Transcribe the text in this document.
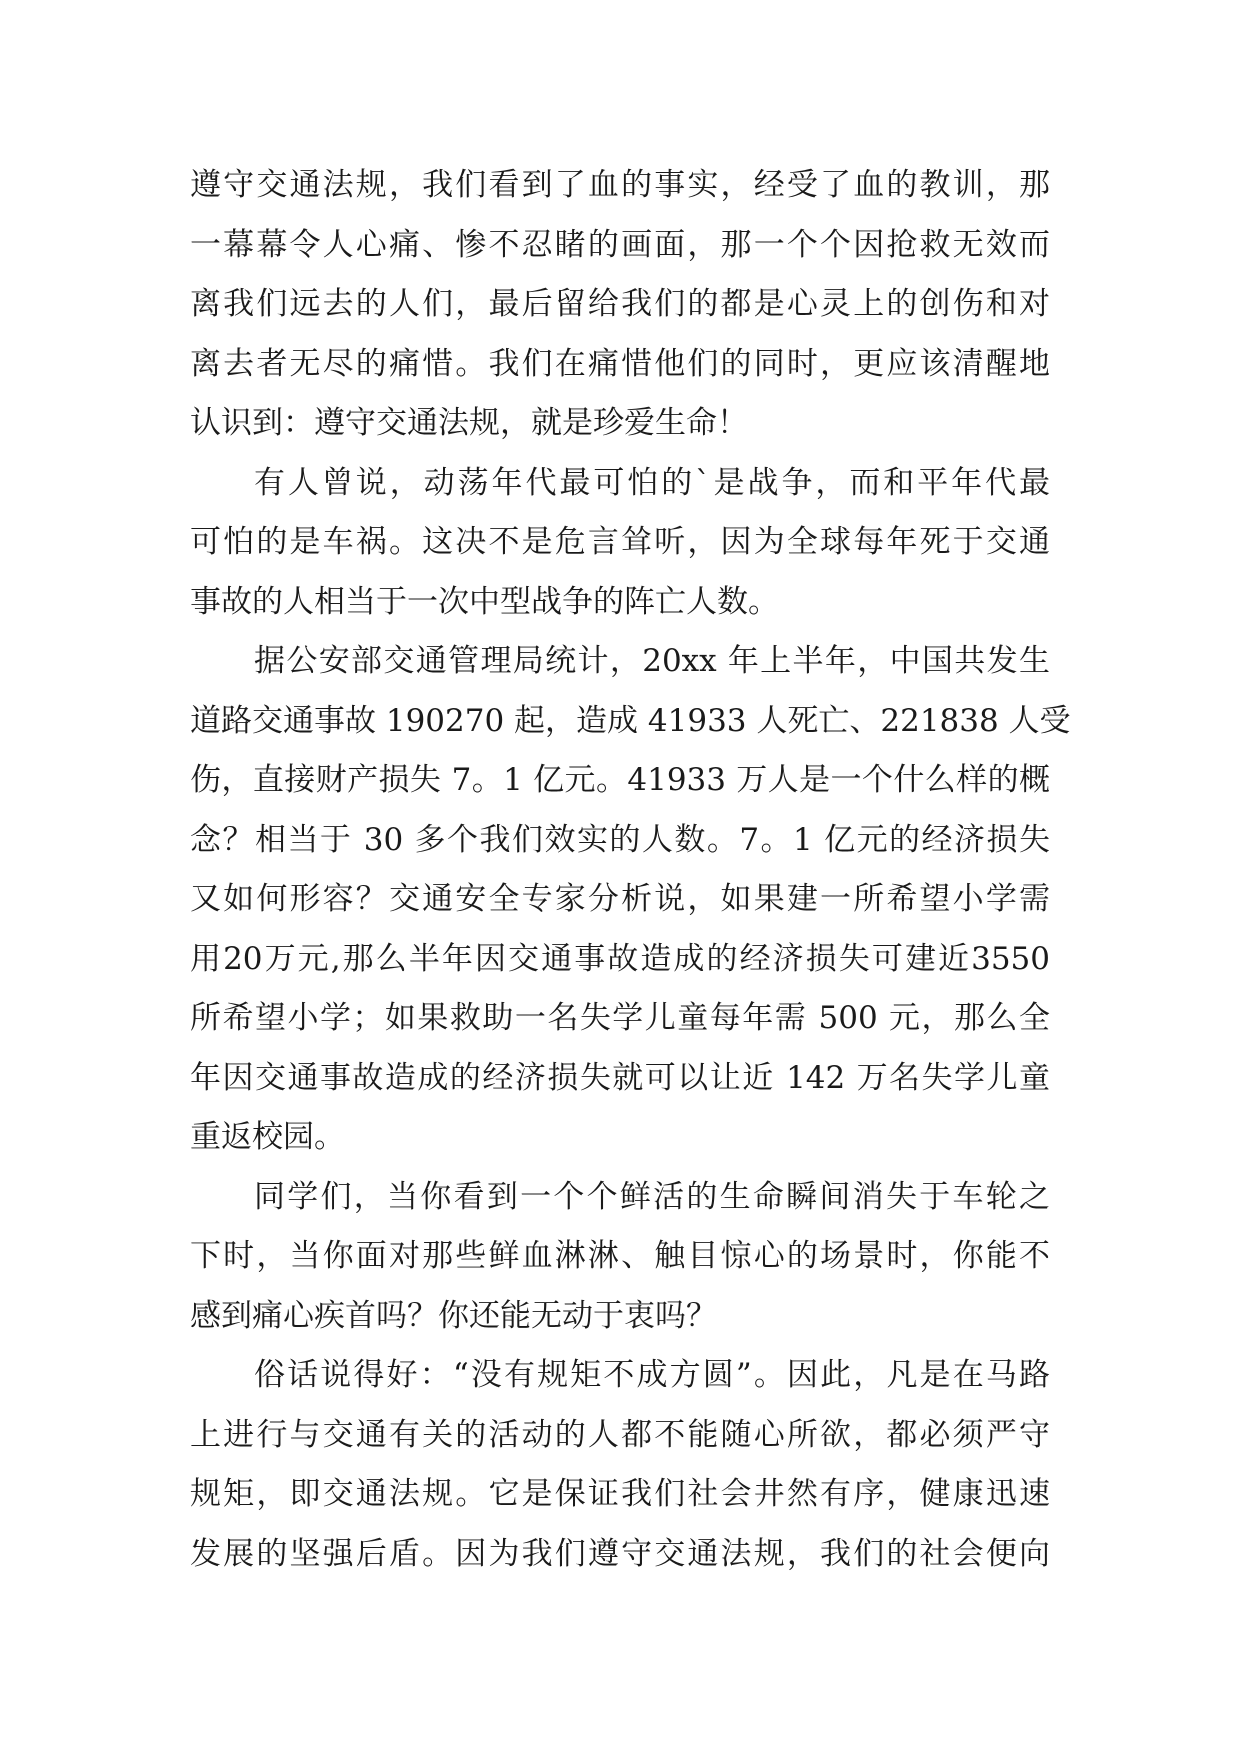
遵守交通法规，我们看到了血的事实，经受了血的教训，那
一幕幕令人心痛、惨不忍睹的画面，那一个个因抢救无效而
离我们远去的人们，最后留给我们的都是心灵上的创伤和对
离去者无尽的痛惜。我们在痛惜他们的同时，更应该清醒地
认识到：遵守交通法规，就是珍爱生命！
有人曾说，动荡年代最可怕的`是战争，而和平年代最
可怕的是车祸。这决不是危言耸听，因为全球每年死于交通
事故的人相当于一次中型战争的阵亡人数。
据公安部交通管理局统计，20xx 年上半年，中国共发生
道路交通事故 190270 起，造成 41933 人死亡、221838 人受
伤，直接财产损失 7。1 亿元。41933 万人是一个什么样的概
念？相当于 30 多个我们效实的人数。7。1 亿元的经济损失
又如何形容？交通安全专家分析说，如果建一所希望小学需
用20万元,那么半年因交通事故造成的经济损失可建近3550
所希望小学；如果救助一名失学儿童每年需 500 元，那么全
年因交通事故造成的经济损失就可以让近 142 万名失学儿童
重返校园。
同学们，当你看到一个个鲜活的生命瞬间消失于车轮之
下时，当你面对那些鲜血淋淋、触目惊心的场景时，你能不
感到痛心疾首吗？你还能无动于衷吗？
俗话说得好：“没有规矩不成方圆”。因此，凡是在马路
上进行与交通有关的活动的人都不能随心所欲，都必须严守
规矩，即交通法规。它是保证我们社会井然有序，健康迅速
发展的坚强后盾。因为我们遵守交通法规，我们的社会便向
